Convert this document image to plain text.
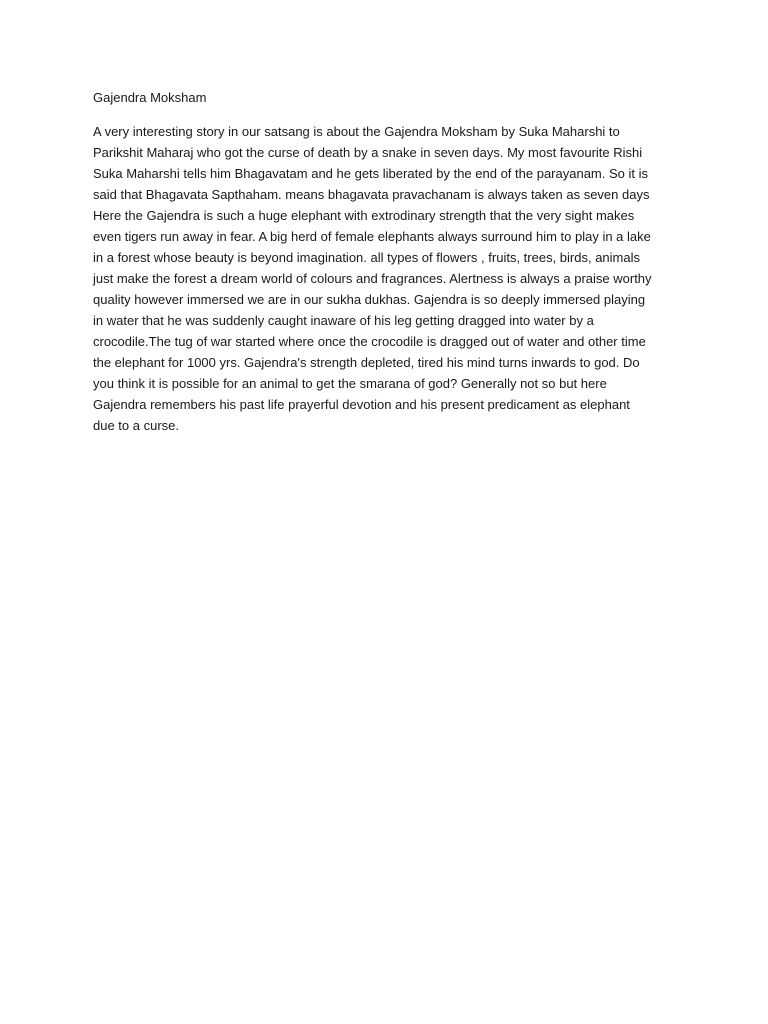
Gajendra Moksham

A very interesting story in our satsang is about the Gajendra Moksham by Suka Maharshi to
Parikshit Maharaj who got the curse of death by a snake in seven days. My most favourite Rishi
Suka Maharshi tells him Bhagavatam and he gets liberated by the end of the parayanam. So it is
said that Bhagavata Sapthaham. means bhagavata pravachanam is always taken as seven days
Here the Gajendra is such a huge elephant with extrodinary strength that the very sight makes
even tigers run away in fear. A big herd of female elephants always surround him to play in a lake
in a forest whose beauty is beyond imagination. all types of flowers , fruits, trees, birds, animals
just make the forest a dream world of colours and fragrances. Alertness is always a praise worthy
quality however immersed we are in our sukha dukhas. Gajendra is so deeply immersed playing
in water that he was suddenly caught inaware of his leg getting dragged into water by a
crocodile.The tug of war started where once the crocodile is dragged out of water and other time
the elephant for 1000 yrs. Gajendra's strength depleted, tired his mind turns inwards to god. Do
you think it is possible for an animal to get the smarana of god? Generally not so but here
Gajendra remembers his past life prayerful devotion and his present predicament as elephant
due to a curse.
